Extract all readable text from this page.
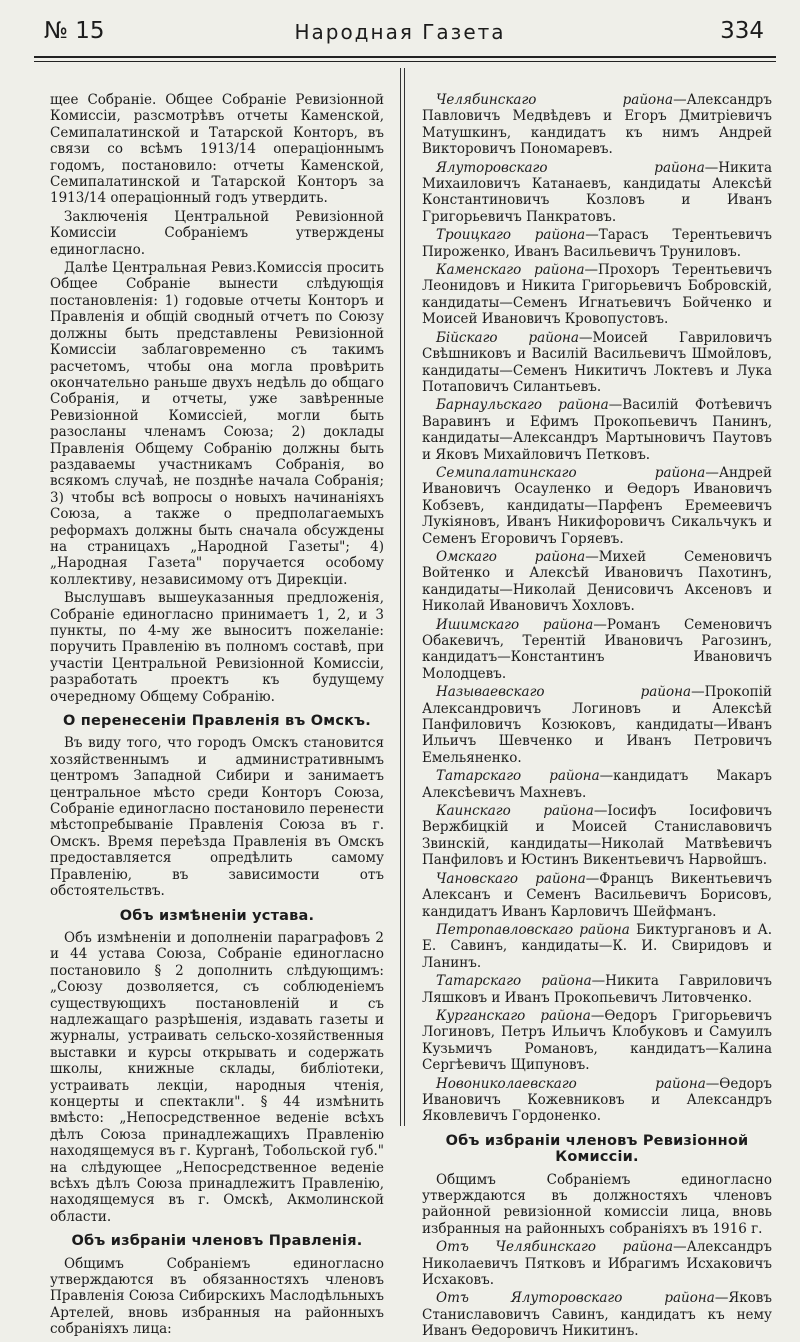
№ 15	Народная Газета	334

щее Собраніе. Общее Собраніе Ревизіонной Комиссіи, разсмотрѣвъ отчеты Каменской, Семипалатинской и Татарской Конторъ, въ связи со всѣмъ 1913/14 операціоннымъ годомъ, постановило: отчеты Каменской, Семипалатинской и Татарской Конторъ за 1913/14 операціонный годъ утвердить.

Заключенія Центральной Ревизіонной Комиссіи Собраніемъ утверждены единогласно.

Далѣе Центральная Ревиз.Комиссія просить Общее Собраніе вынести слѣдующія постановленія: 1) годовые отчеты Конторъ и Правленія и общій сводный отчетъ по Союзу должны быть представлены Ревизіонной Комиссіи заблаговременно съ такимъ расчетомъ, чтобы она могла провѣрить окончательно раньше двухъ недѣль до общаго Собранія, и отчеты, уже завѣренные Ревизіонной Комиссіей, могли быть разосланы членамъ Союза; 2) доклады Правленія Общему Собранію должны быть раздаваемы участникамъ Собранія, во всякомъ случаѣ, не позднѣе начала Собранія; 3) чтобы всѣ вопросы о новыхъ начинаніяхъ Союза, а также о предполагаемыхъ реформахъ должны быть сначала обсуждены на страницахъ „Народной Газеты"; 4) „Народная Газета" поручается особому коллективу, независимому отъ Дирекціи.

Выслушавъ вышеуказанныя предложенія, Собраніе единогласно принимаетъ 1, 2, и 3 пункты, по 4-му же выноситъ пожеланіе: поручить Правленію въ полномъ составѣ, при участіи Центральной Ревизіонной Комиссіи, разработать проектъ къ будущему очередному Общему Собранію.

О перенесеніи Правленія въ Омскъ.

Въ виду того, что городъ Омскъ становится хозяйственнымъ и административнымъ центромъ Западной Сибири и занимаетъ центральное мѣсто среди Конторъ Союза, Собраніе единогласно постановило перенести мѣстопребываніе Правленія Союза въ г. Омскъ. Время переѣзда Правленія въ Омскъ предоставляется опредѣлить самому Правленію, въ зависимости отъ обстоятельствъ.

Объ измѣненіи устава.

Объ измѣненіи и дополненіи параграфовъ 2 и 44 устава Союза, Собраніе единогласно постановило § 2 дополнить слѣдующимъ: „Союзу дозволяется, съ соблюденіемъ существующихъ постановленій и съ надлежащаго разрѣшенія, издавать газеты и журналы, устраивать сельско-хозяйственныя выставки и курсы открывать и содержать школы, книжные склады, библіотеки, устраивать лекціи, народныя чтенія, концерты и спектакли". § 44 измѣнить вмѣсто: „Непосредственное веденіе всѣхъ дѣлъ Союза принадлежащихъ Правленію находящемуся въ г. Курганѣ, Тобольской губ." на слѣдующее „Непосредственное веденіе всѣхъ дѣлъ Союза принадлежитъ Правленію, находящемуся въ г. Омскѣ, Акмолинской области.

Объ избраніи членовъ Правленія.

Общимъ Собраніемъ единогласно утверждаются въ обязанностяхъ членовъ Правленія Союза Сибирскихъ Маслодѣльныхъ Артелей, вновь избранныя на районныхъ собраніяхъ лица:

Челябинскаго района—Александръ Павловичъ Медвѣдевъ и Егоръ Дмитріевичъ Матушкинъ, кандидатъ къ нимъ Андрей Викторовичъ Пономаревъ.

Ялуторовскаго района—Никита Михаиловичъ Катанаевъ, кандидаты Алексѣй Константиновичъ Козловъ и Иванъ Григорьевичъ Панкратовъ.

Троицкаго района—Тарасъ Терентьевичъ Пироженко, Иванъ Васильевичъ Труниловъ.

Каменскаго района—Прохоръ Терентьевичъ Леонидовъ и Никита Григорьевичъ Бобровскій, кандидаты—Семенъ Игнатьевичъ Бойченко и Моисей Ивановичъ Кровопустовъ.

Бійскаго района—Моисей Гавриловичъ Свѣшниковъ и Василій Васильевичъ Шмойловъ, кандидаты—Семенъ Никитичъ Локтевъ и Лука Потаповичъ Силантьевъ.

Барнаульскаго района—Василій Фотѣевичъ Варавинъ и Ефимъ Прокопьевичъ Панинъ, кандидаты—Александръ Мартыновичъ Паутовъ и Яковъ Михайловичъ Петковъ.

Семипалатинскаго района—Андрей Ивановичъ Осауленко и Өедоръ Ивановичъ Кобзевъ, кандидаты—Парфенъ Еремеевичъ Лукіяновъ, Иванъ Никифоровичъ Сикальчукъ и Семенъ Егоровичъ Горяевъ.

Омскаго района—Михей Семеновичъ Войтенко и Алексѣй Ивановичъ Пахотинъ, кандидаты—Николай Денисовичъ Аксеновъ и Николай Ивановичъ Хохловъ.

Ишимскаго района—Романъ Семеновичъ Обакевичъ, Терентій Ивановичъ Рагозинъ, кандидатъ—Константинъ Ивановичъ Молодцевъ.

Называевскаго района—Прокопій Александровичъ Логиновъ и Алексѣй Панфиловичъ Козюковъ, кандидаты—Иванъ Ильичъ Шевченко и Иванъ Петровичъ Емельяненко.

Татарскаго района—кандидатъ Макаръ Алексѣевичъ Махневъ.

Каинскаго района—Іосифъ Іосифовичъ Вержбицкій и Моисей Станиславовичъ Звинскій, кандидаты—Николай Матвѣевичъ Панфиловъ и Юстинъ Викентьевичъ Нарвойшъ.

Чановскаго района—Францъ Викентьевичъ Алексанъ и Семенъ Васильевичъ Борисовъ, кандидатъ Иванъ Карловичъ Шейфманъ.

Петропавловскаго района Биктургановъ и А. Е. Савинъ, кандидаты—К. И. Свиридовъ и Ланинъ.

Татарскаго района—Никита Гавриловичъ Ляшковъ и Иванъ Прокопьевичъ Литовченко.

Курганскаго района—Өедоръ Григорьевичъ Логиновъ, Петръ Ильичъ Клобуковъ и Самуилъ Кузьмичъ Романовъ, кандидатъ—Калина Сергѣевичъ Щипуновъ.

Новониколаевскаго района—Өедоръ Ивановичъ Кожевниковъ и Александръ Яковлевичъ Гордоненко.

Объ избраніи членовъ Ревизіонной Комиссіи.

Общимъ Собраніемъ единогласно утверждаются въ должностяхъ членовъ районной ревизіонной комиссіи лица, вновь избранныя на районныхъ собраніяхъ въ 1916 г.

Отъ Челябинскаго района—Александръ Николаевичъ Пятковъ и Ибрагимъ Исхаковичъ Исхаковъ.

Отъ Ялуторовскаго района—Яковъ Станиславовичъ Савинъ, кандидатъ къ нему Иванъ Өедоровичъ Никитинъ.
